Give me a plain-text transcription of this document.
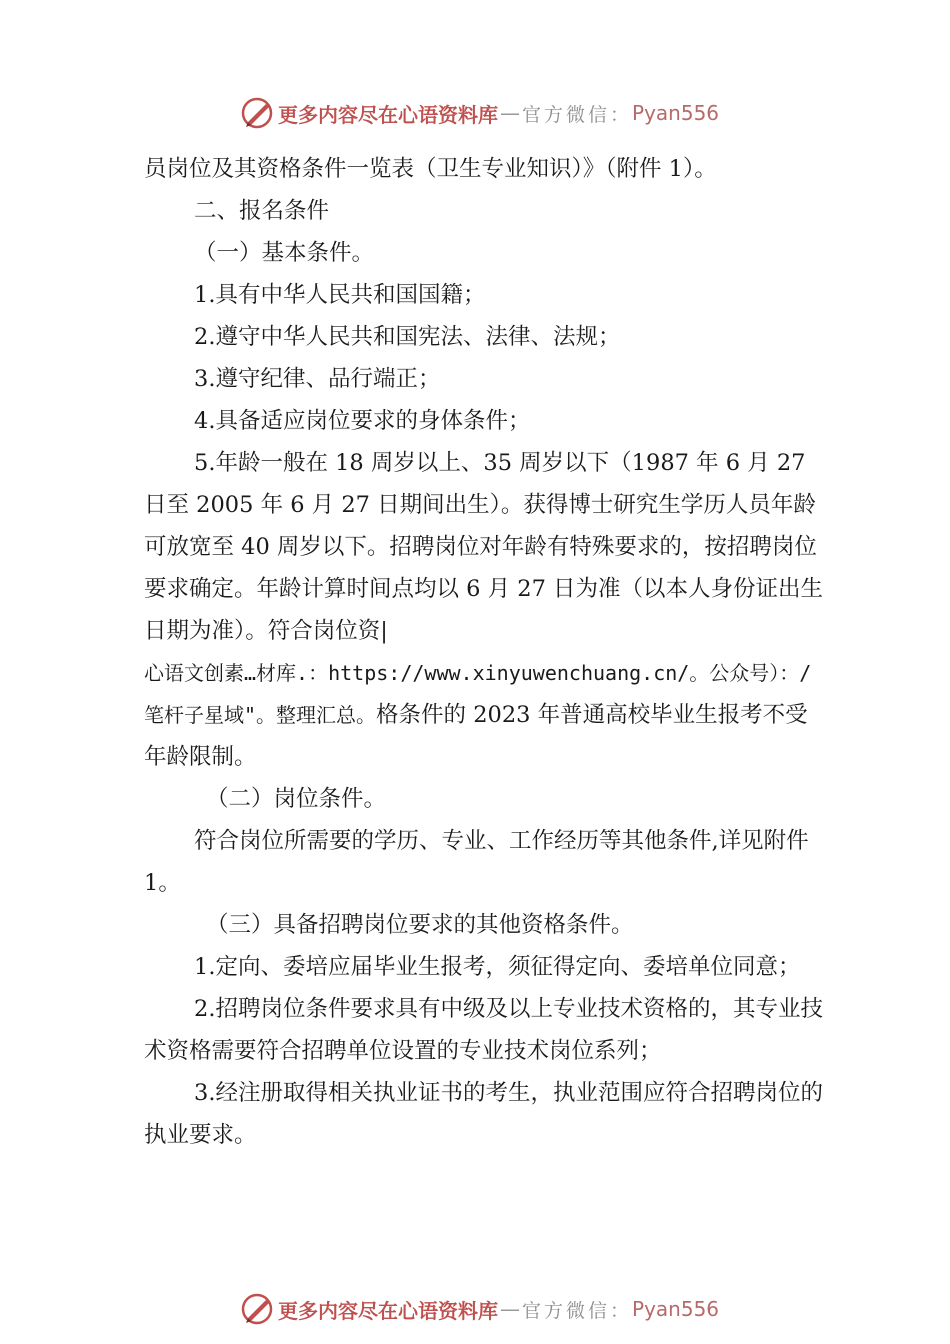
更多内容尽在心语资料库 — 官方微信： Pyan556

员岗位及其资格条件一览表（卫生专业知识）》（附件 1）。

二、报名条件

（一）基本条件。

1.具有中华人民共和国国籍；

2.遵守中华人民共和国宪法、法律、法规；

3.遵守纪律、品行端正；

4.具备适应岗位要求的身体条件；

5.年龄一般在 18 周岁以上、35 周岁以下（1987 年 6 月 27 日至 2005 年 6 月 27 日期间出生）。获得博士研究生学历人员年龄可放宽至 40 周岁以下。招聘岗位对年龄有特殊要求的，按招聘岗位要求确定。年龄计算时间点均以 6 月 27 日为准（以本人身份证出生日期为准）。符合岗位资|
心语文创素…材库.：https://www.xinyuwenchuang.cn/。公众号）：/笔杆子星域"。整理汇总。格条件的 2023 年普通高校毕业生报考不受年龄限制。

（二）岗位条件。

符合岗位所需要的学历、专业、工作经历等其他条件,详见附件 1。

（三）具备招聘岗位要求的其他资格条件。

1.定向、委培应届毕业生报考，须征得定向、委培单位同意；

2.招聘岗位条件要求具有中级及以上专业技术资格的，其专业技术资格需要符合招聘单位设置的专业技术岗位系列；

3.经注册取得相关执业证书的考生，执业范围应符合招聘岗位的执业要求。

更多内容尽在心语资料库 — 官方微信： Pyan556
